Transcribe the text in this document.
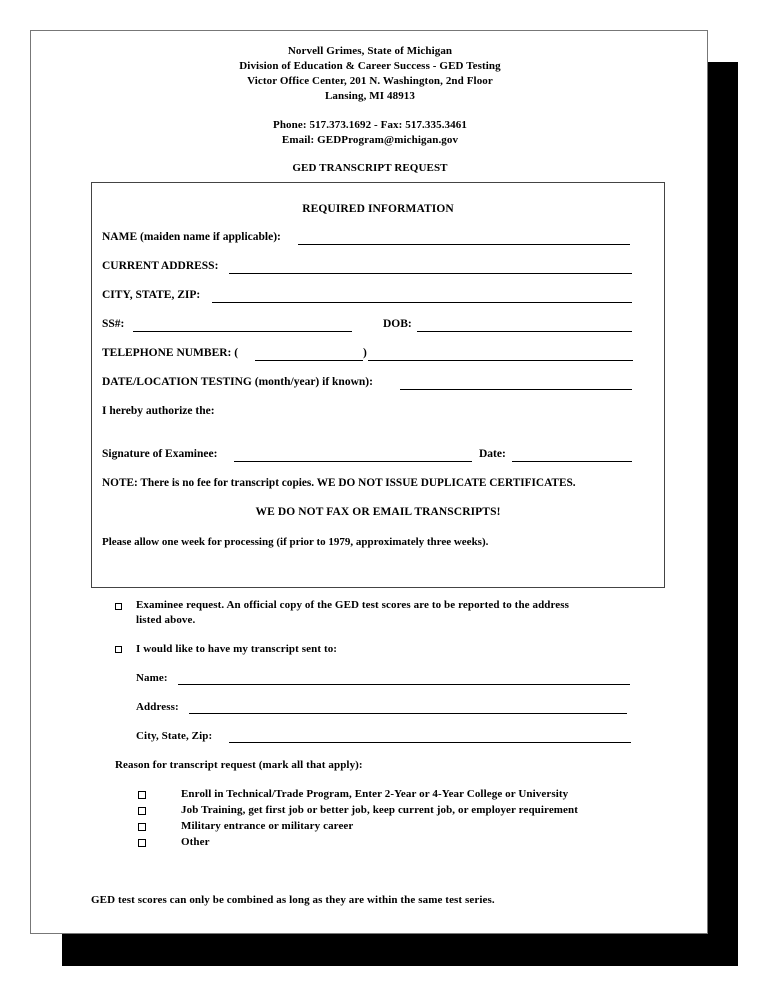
Norvell Grimes, State of Michigan
Division of Education & Career Success - GED Testing
Victor Office Center, 201 N. Washington, 2nd Floor
Lansing, MI 48913
Phone: 517.373.1692 - Fax: 517.335.3461
Email: GEDProgram@michigan.gov
GED TRANSCRIPT REQUEST
REQUIRED INFORMATION
NAME (maiden name if applicable):
CURRENT ADDRESS:
CITY, STATE, ZIP:
SS#:	DOB:
TELEPHONE NUMBER: (	)
DATE/LOCATION TESTING (month/year) if known):
I hereby authorize the:
Signature of Examinee:	Date:
NOTE: There is no fee for transcript copies. WE DO NOT ISSUE DUPLICATE CERTIFICATES.
WE DO NOT FAX OR EMAIL TRANSCRIPTS!
Please allow one week for processing (if prior to 1979, approximately three weeks).
Examinee request. An official copy of the GED test scores are to be reported to the address
listed above.
I would like to have my transcript sent to:
Name:
Address:
City, State, Zip:
Reason for transcript request (mark all that apply):
Enroll in Technical/Trade Program, Enter 2-Year or 4-Year College or University
Job Training, get first job or better job, keep current job, or employer requirement
Military entrance or military career
Other
GED test scores can only be combined as long as they are within the same test series.
